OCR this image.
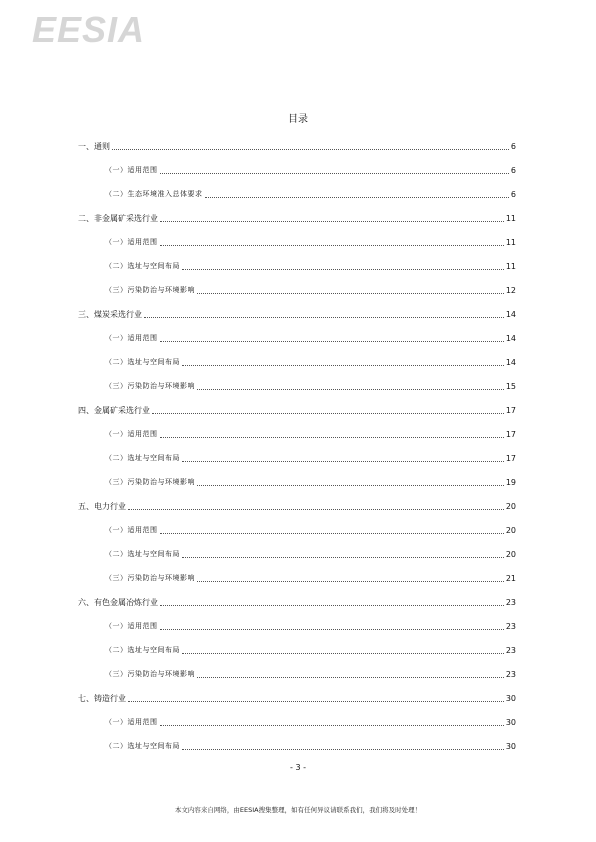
EESIA
目录
一、通则	6
（一）适用范围	6
（二）生态环境准入总体要求	6
二、非金属矿采选行业	11
（一）适用范围	11
（二）选址与空间布局	11
（三）污染防治与环境影响	12
三、煤炭采选行业	14
（一）适用范围	14
（二）选址与空间布局	14
（三）污染防治与环境影响	15
四、金属矿采选行业	17
（一）适用范围	17
（二）选址与空间布局	17
（三）污染防治与环境影响	19
五、电力行业	20
（一）适用范围	20
（二）选址与空间布局	20
（三）污染防治与环境影响	21
六、有色金属冶炼行业	23
（一）适用范围	23
（二）选址与空间布局	23
（三）污染防治与环境影响	23
七、铸造行业	30
（一）适用范围	30
（二）选址与空间布局	30
- 3 -
本文内容来自网络，由EESIA搜集整理，如有任何异议请联系我们，我们将及时处理！
